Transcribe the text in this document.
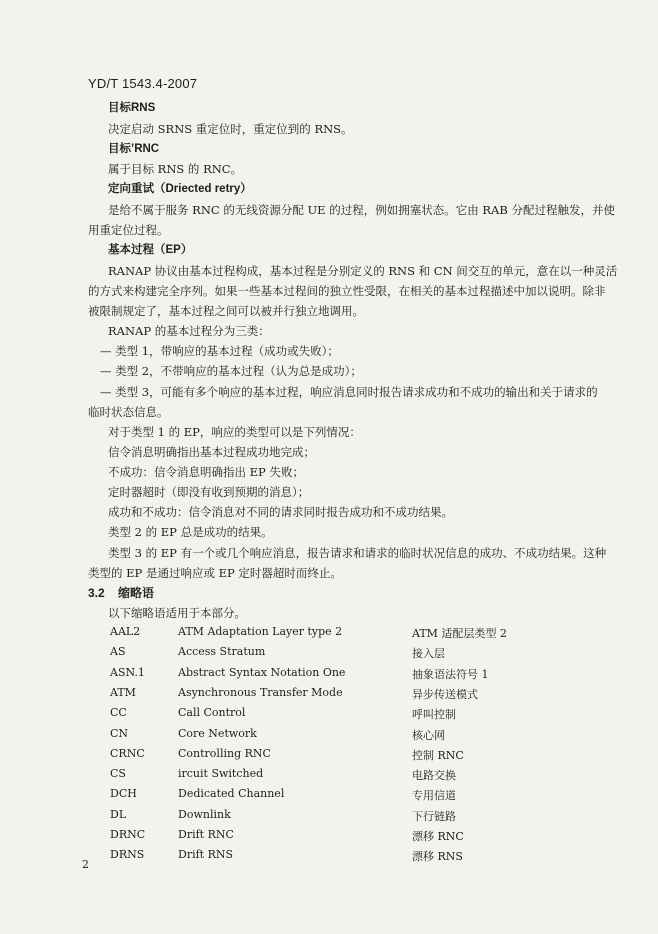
YD/T 1543.4-2007
目标RNS
决定启动 SRNS 重定位时，重定位到的 RNS。
目标’RNC
属于目标 RNS 的 RNC。
定向重试（Driected retry）
是给不属于服务 RNC 的无线资源分配 UE 的过程，例如拥塞状态。它由 RAB 分配过程触发，并使
用重定位过程。
基本过程（EP）
RANAP 协议由基本过程构成，基本过程是分别定义的 RNS 和 CN 间交互的单元，意在以一种灵活
的方式来构建完全序列。如果一些基本过程间的独立性受限，在相关的基本过程描述中加以说明。除非
被限制规定了，基本过程之间可以被并行独立地调用。
RANAP 的基本过程分为三类：
— 类型 1，带响应的基本过程（成功或失败）；
— 类型 2，不带响应的基本过程（认为总是成功）；
— 类型 3，可能有多个响应的基本过程，响应消息同时报告请求成功和不成功的输出和关于请求的
临时状态信息。
对于类型 1 的 EP，响应的类型可以是下列情况：
信令消息明确指出基本过程成功地完成；
不成功：信令消息明确指出 EP 失败；
定时器超时（即没有收到预期的消息）；
成功和不成功：信令消息对不同的请求同时报告成功和不成功结果。
类型 2 的 EP 总是成功的结果。
类型 3 的 EP 有一个或几个响应消息，报告请求和请求的临时状况信息的成功、不成功结果。这种
类型的 EP 是通过响应或 EP 定时器超时而终止。
3.2 缩略语
以下缩略语适用于本部分。
AAL2	ATM Adaptation Layer type 2	ATM 适配层类型 2
AS	Access Stratum	接入层
ASN.1	Abstract Syntax Notation One	抽象语法符号 1
ATM	Asynchronous Transfer Mode	异步传送模式
CC	Call Control	呼叫控制
CN	Core Network	核心网
CRNC	Controlling RNC	控制 RNC
CS	ircuit Switched	电路交换
DCH	Dedicated Channel	专用信道
DL	Downlink	下行链路
DRNC	Drift RNC	漂移 RNC
DRNS	Drift RNS	漂移 RNS
2
